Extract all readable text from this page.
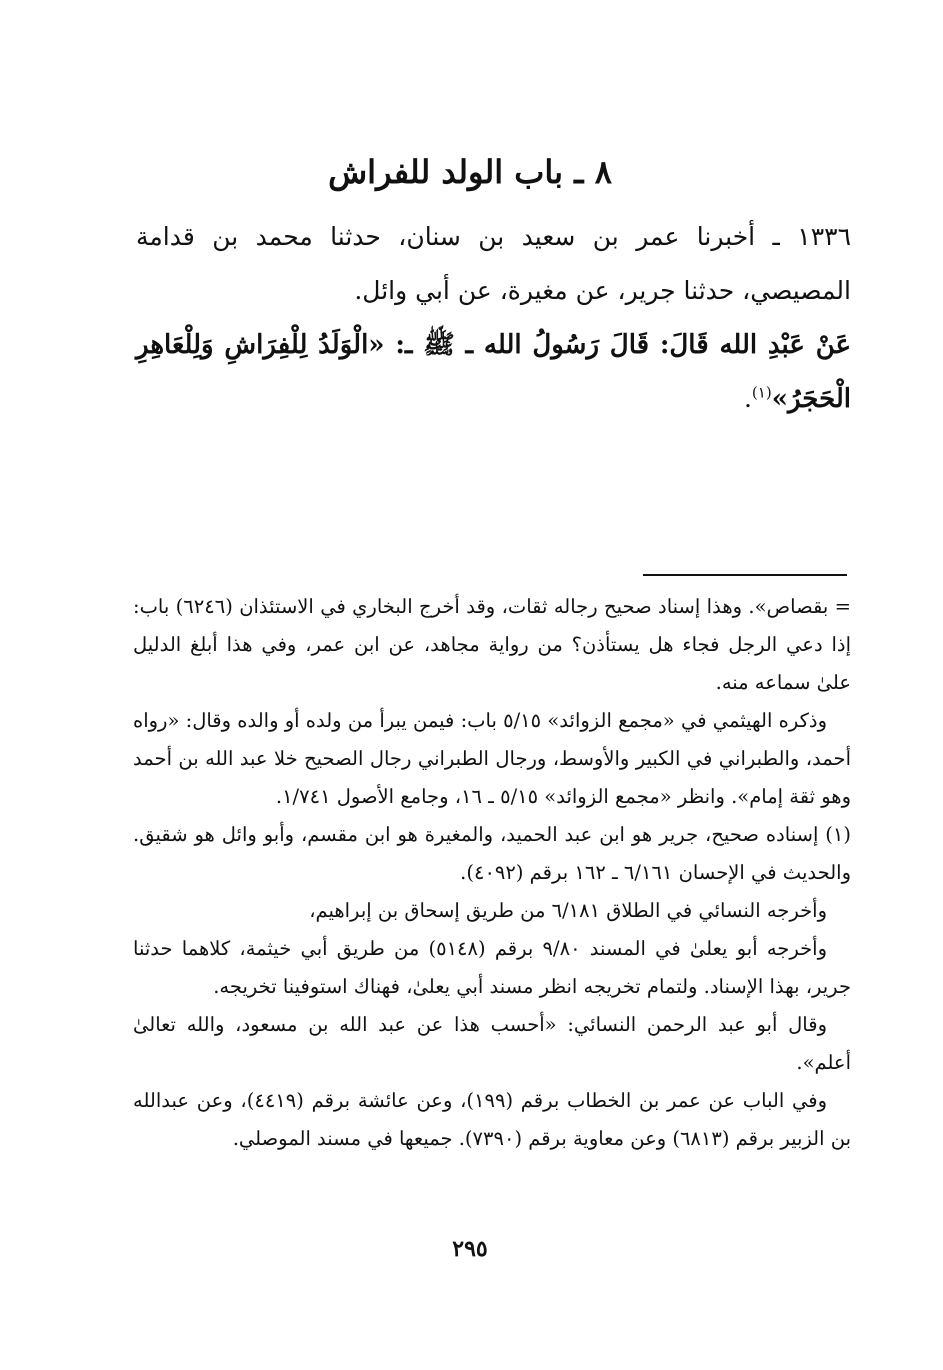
٨ ـ باب الولد للفراش

١٣٣٦ ـ أخبرنا عمر بن سعيد بن سنان، حدثنا محمد بن قدامة المصيصي، حدثنا جرير، عن مغيرة، عن أبي وائل.

عَنْ عَبْدِ الله قَالَ: قَالَ رَسُولُ الله ـ ﷺ ـ: «الْوَلَدُ لِلْفِرَاشِ وَلِلْعَاهِرِ الْحَجَرُ»$^{(١)}$.

= بقصاص». وهذا إسناد صحيح رجاله ثقات، وقد أخرج البخاري في الاستئذان (٦٢٤٦) باب: إذا دعي الرجل فجاء هل يستأذن؟ من رواية مجاهد، عن ابن عمر، وفي هذا أبلغ الدليل علىٰ سماعه منه.

وذكره الهيثمي في «مجمع الزوائد» ٥/١٥ باب: فيمن يبرأ من ولده أو والده وقال: «رواه أحمد، والطبراني في الكبير والأوسط، ورجال الطبراني رجال الصحيح خلا عبد الله بن أحمد وهو ثقة إمام». وانظر «مجمع الزوائد» ٥/١٥ ـ ١٦، وجامع الأصول ١/٧٤١.

(١) إسناده صحيح، جرير هو ابن عبد الحميد، والمغيرة هو ابن مقسم، وأبو وائل هو شقيق. والحديث في الإحسان ٦/١٦١ ـ ١٦٢ برقم (٤٠٩٢).

وأخرجه النسائي في الطلاق ٦/١٨١ من طريق إسحاق بن إبراهيم،

وأخرجه أبو يعلىٰ في المسند ٩/٨٠ برقم (٥١٤٨) من طريق أبي خيثمة، كلاهما حدثنا جرير، بهذا الإسناد. ولتمام تخريجه انظر مسند أبي يعلىٰ، فهناك استوفينا تخريجه.

وقال أبو عبد الرحمن النسائي: «أحسب هذا عن عبد الله بن مسعود، والله تعالىٰ أعلم».

وفي الباب عن عمر بن الخطاب برقم (١٩٩)، وعن عائشة برقم (٤٤١٩)، وعن عبدالله بن الزبير برقم (٦٨١٣) وعن معاوية برقم (٧٣٩٠). جميعها في مسند الموصلي.

٢٩٥
